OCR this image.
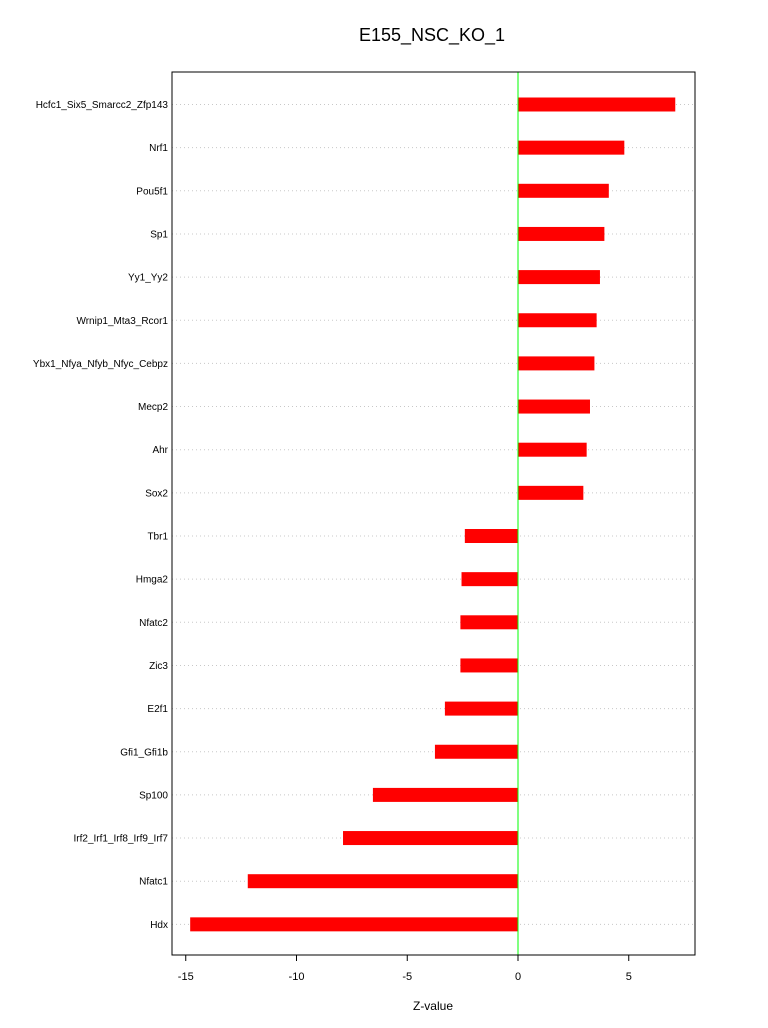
E155_NSC_KO_1
Hcfc1_Six5_Smarcc2_Zfp143
Nrf1
Pou5f1
Sp1
Yy1_Yy2
Wrnip1_Mta3_Rcor1
Ybx1_Nfya_Nfyb_Nfyc_Cebpz
Mecp2
Ahr
Sox2
Tbr1
Hmga2
Nfatc2
Zic3
E2f1
Gfi1_Gfi1b
Sp100
Irf2_Irf1_Irf8_Irf9_Irf7
Nfatc1
Hdx
-15	-10	-5	0	5
Z-value
